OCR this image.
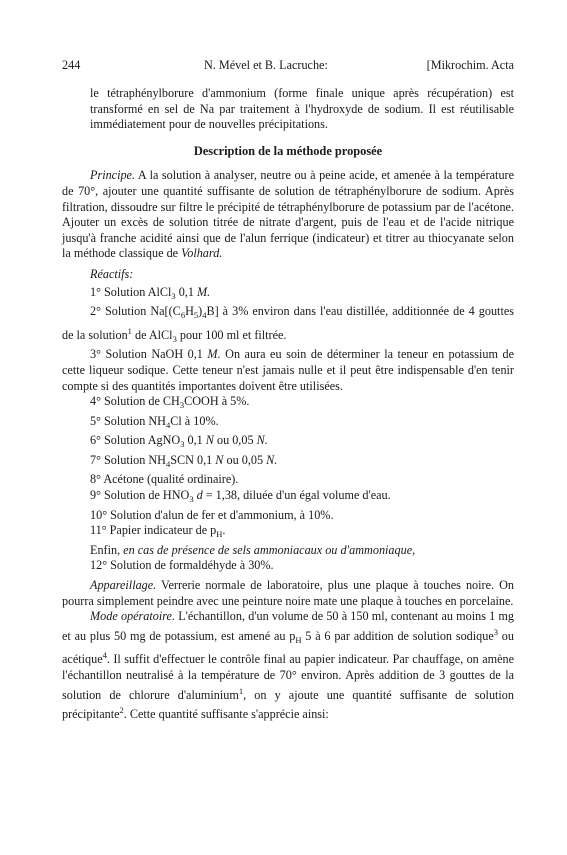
244	N. Mével et B. Lacruche:	[Mikrochim. Acta

le tétraphénylborure d'ammonium (forme finale unique après récupération) est transformé en sel de Na par traitement à l'hydroxyde de sodium. Il est réutilisable immédiatement pour de nouvelles précipitations.

Description de la méthode proposée

Principe. A la solution à analyser, neutre ou à peine acide, et amenée à la température de 70°, ajouter une quantité suffisante de solution de tétraphénylborure de sodium. Après filtration, dissoudre sur filtre le précipité de tétraphénylborure de potassium par de l'acétone. Ajouter un excès de solution titrée de nitrate d'argent, puis de l'eau et de l'acide nitrique jusqu'à franche acidité ainsi que de l'alun ferrique (indicateur) et titrer au thiocyanate selon la méthode classique de Volhard.

Réactifs:

1° Solution AlCl$_3$ 0,1 M.

2° Solution $Na[(C_6H_5)_4B]$ à 3% environ dans l'eau distillée, additionnée de 4 gouttes de la solution$^1$ de AlCl$_3$ pour 100 ml et filtrée.

3° Solution NaOH 0,1 M. On aura eu soin de déterminer la teneur en potassium de cette liqueur sodique. Cette teneur n'est jamais nulle et il peut être indispensable d'en tenir compte si des quantités importantes doivent être utilisées.

4° Solution de $CH_3COOH$ à 5%.

5° Solution $NH_4Cl$ à 10%.

6° Solution AgNO$_3$ 0,1 N ou 0,05 N.

7° Solution $NH_4SCN$ 0,1 N ou 0,05 N.

8° Acétone (qualité ordinaire).

9° Solution de $HNO_3$ d = 1,38, diluée d'un égal volume d'eau.

10° Solution d'alun de fer et d'ammonium, à 10%.

11° Papier indicateur de $p_H$.

Enfin, en cas de présence de sels ammoniacaux ou d'ammoniaque,

12° Solution de formaldéhyde à 30%.

Appareillage. Verrerie normale de laboratoire, plus une plaque à touches noire. On pourra simplement peindre avec une peinture noire mate une plaque à touches en porcelaine.

Mode opératoire. L'échantillon, d'un volume de 50 à 150 ml, contenant au moins 1 mg et au plus 50 mg de potassium, est amené au $p_H$ 5 à 6 par addition de solution sodique$^3$ ou acétique$^4$. Il suffit d'effectuer le contrôle final au papier indicateur. Par chauffage, on amène l'échantillon neutralisé à la température de 70° environ. Après addition de 3 gouttes de la solution de chlorure d'aluminium$^1$, on y ajoute une quantité suffisante de solution précipitante$^2$. Cette quantité suffisante s'apprécie ainsi:
